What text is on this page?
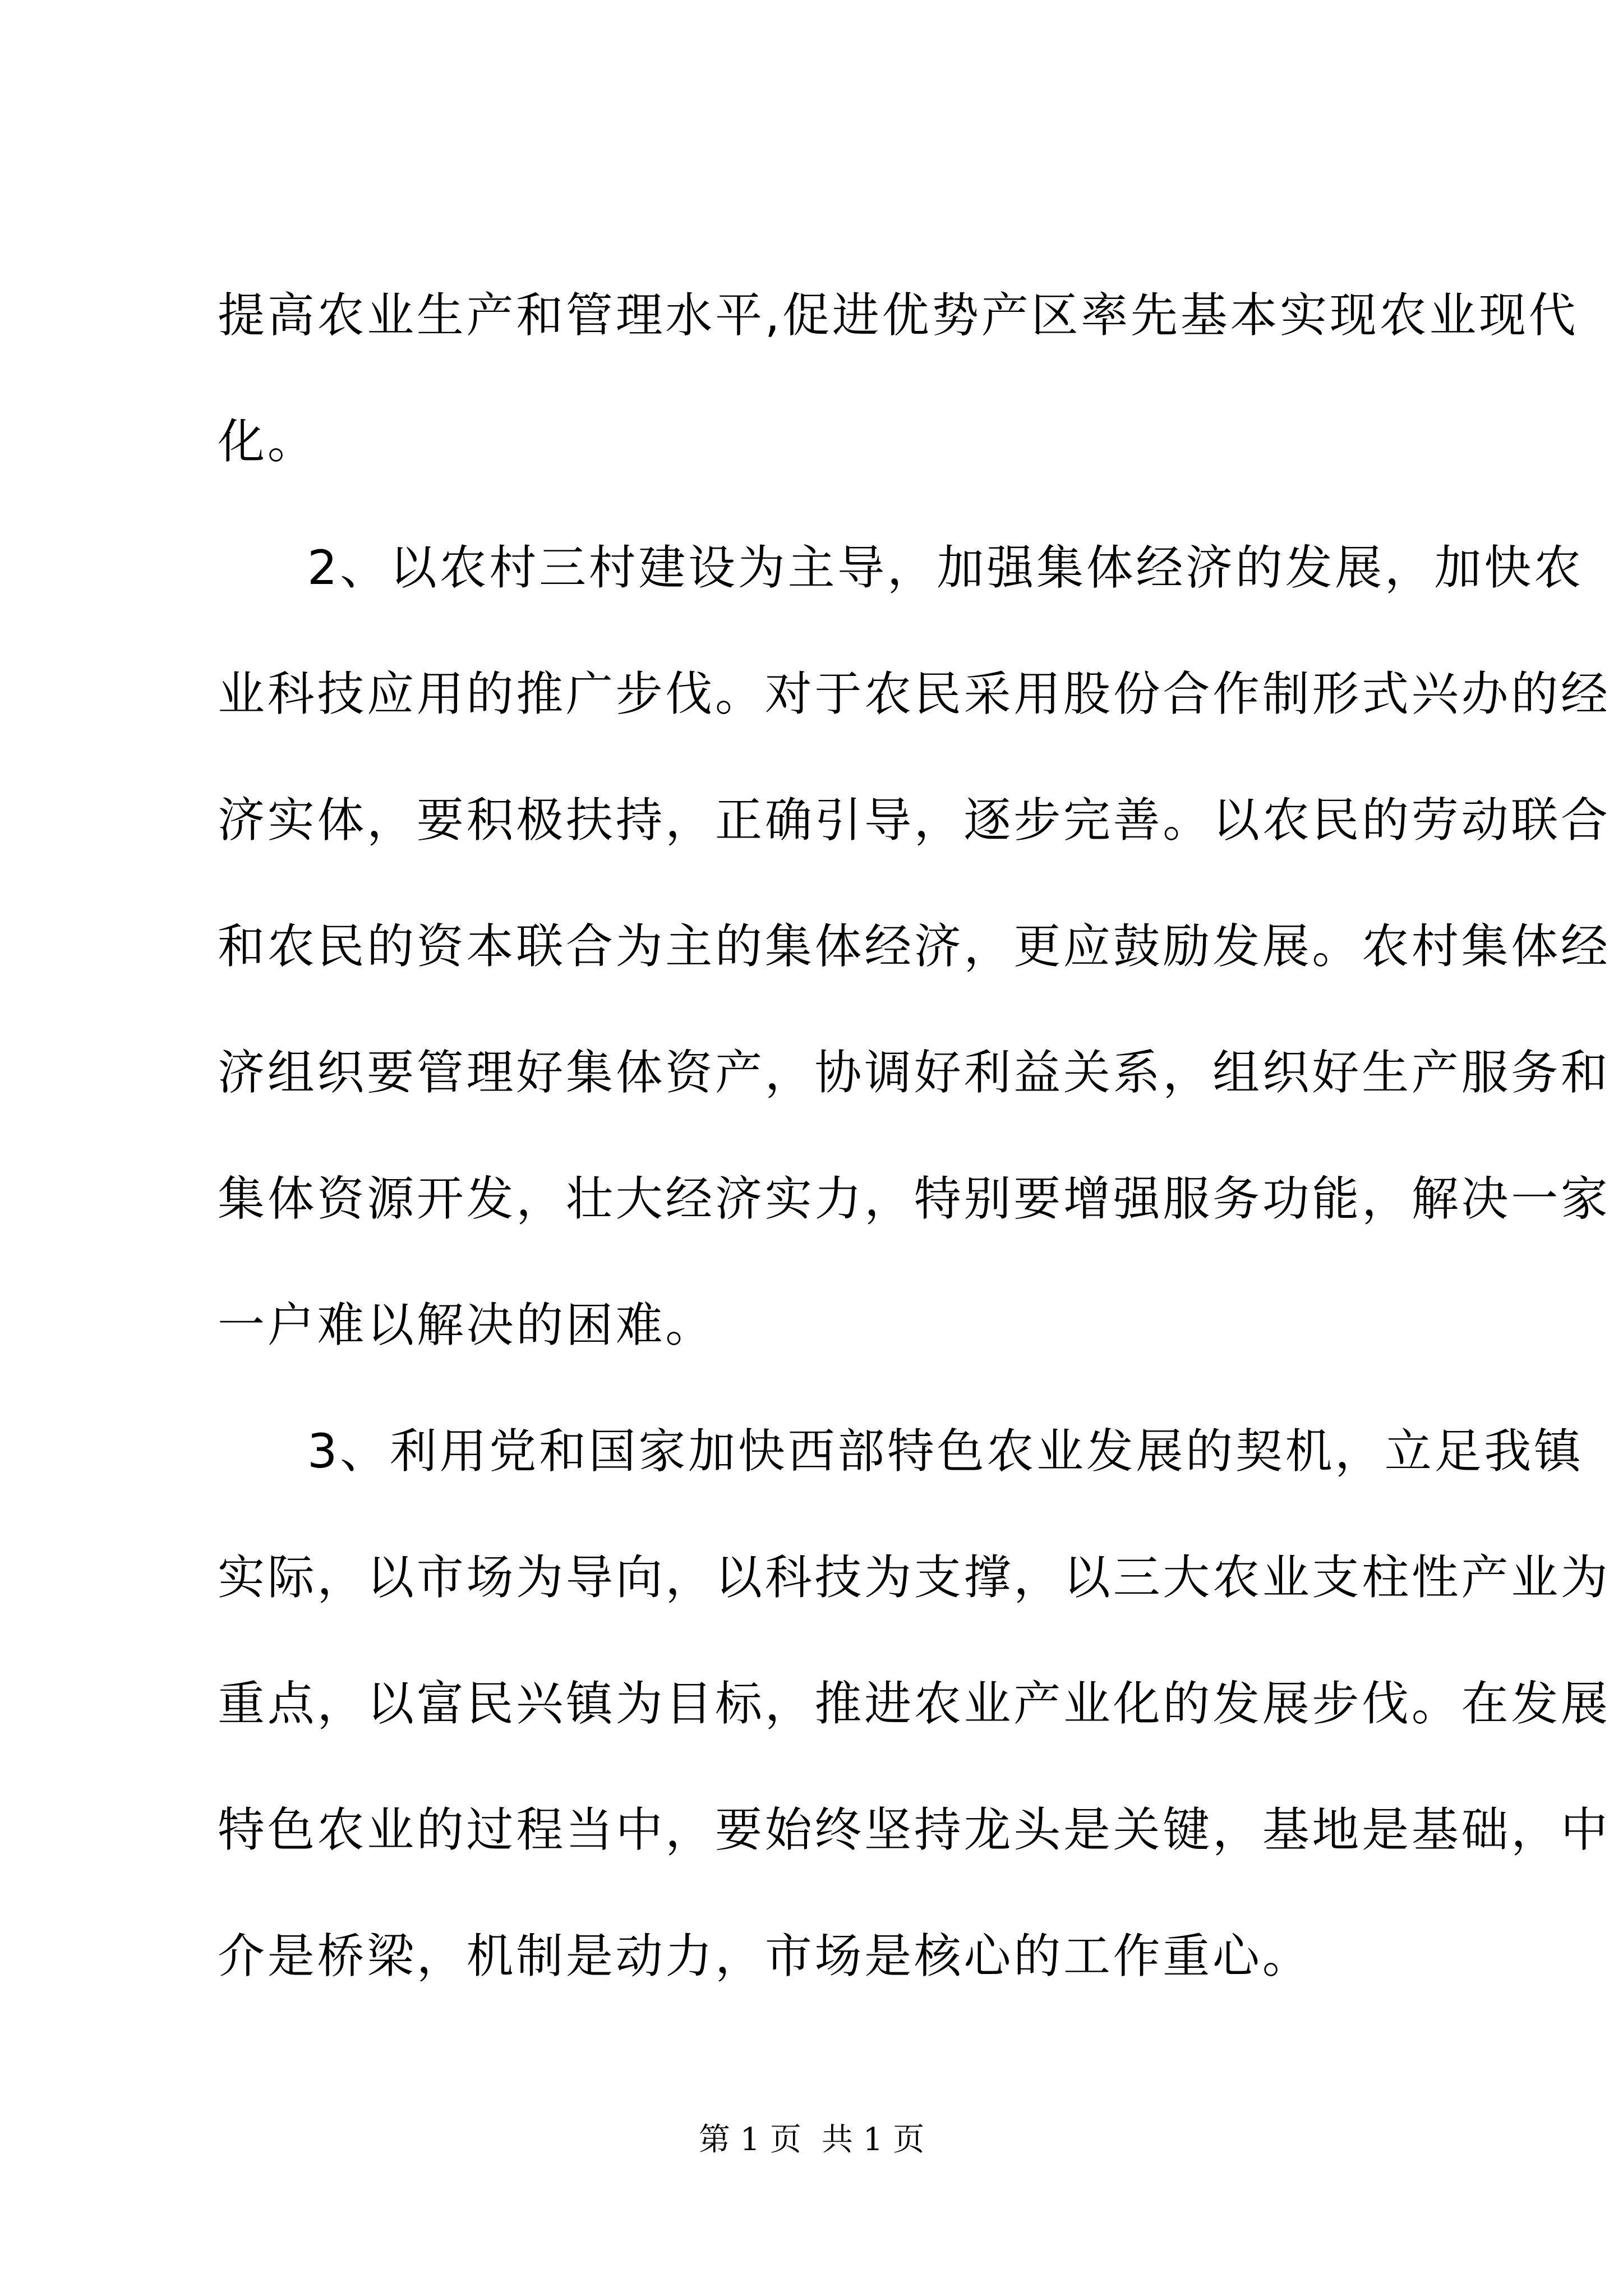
提高农业生产和管理水平,促进优势产区率先基本实现农业现代
化。
2、以农村三村建设为主导，加强集体经济的发展，加快农
业科技应用的推广步伐。对于农民采用股份合作制形式兴办的经
济实体，要积极扶持，正确引导，逐步完善。以农民的劳动联合
和农民的资本联合为主的集体经济，更应鼓励发展。农村集体经
济组织要管理好集体资产，协调好利益关系，组织好生产服务和
集体资源开发，壮大经济实力，特别要增强服务功能，解决一家
一户难以解决的困难。
3、利用党和国家加快西部特色农业发展的契机，立足我镇
实际，以市场为导向，以科技为支撑，以三大农业支柱性产业为
重点，以富民兴镇为目标，推进农业产业化的发展步伐。在发展
特色农业的过程当中，要始终坚持龙头是关键，基地是基础，中
介是桥梁，机制是动力，市场是核心的工作重心。
第 1 页 共 1 页
